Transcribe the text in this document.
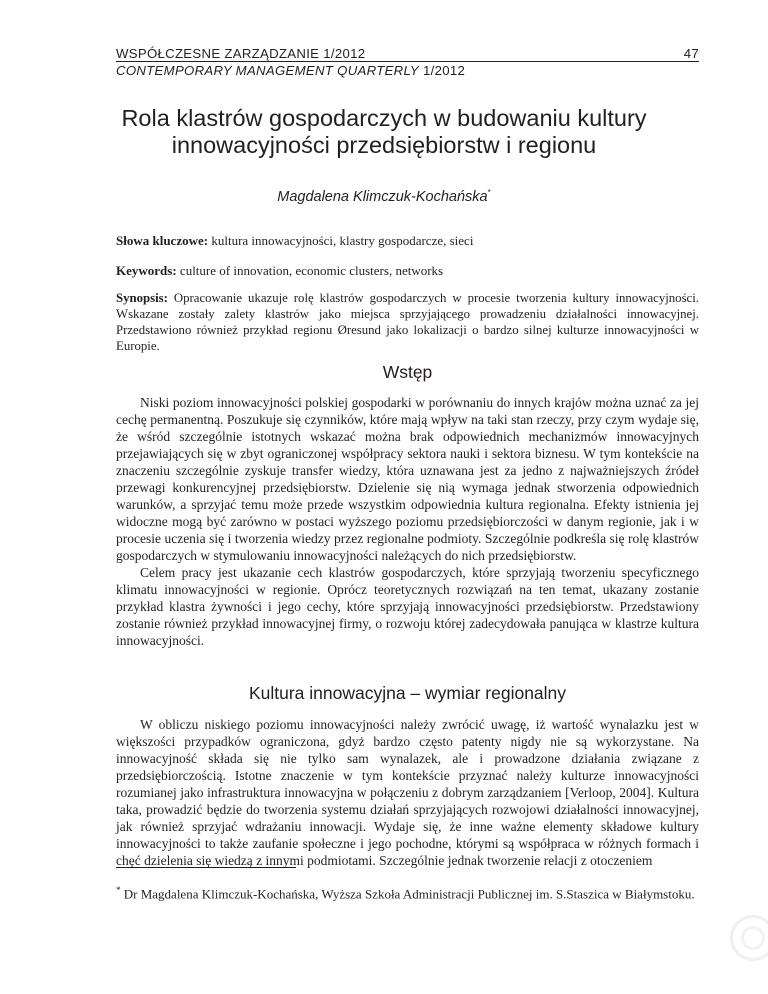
WSPÓŁCZESNE ZARZĄDZANIE 1/2012	47
CONTEMPORARY MANAGEMENT QUARTERLY 1/2012
Rola klastrów gospodarczych w budowaniu kultury
innowacyjności przedsiębiorstw i regionu
Magdalena Klimczuk-Kochańska*
Słowa kluczowe: kultura innowacyjności, klastry gospodarcze, sieci
Keywords: culture of innovation, economic clusters, networks
Synopsis: Opracowanie ukazuje rolę klastrów gospodarczych w procesie tworzenia kultury innowacyjności. Wskazane zostały zalety klastrów jako miejsca sprzyjającego prowadzeniu działalności innowacyjnej. Przedstawiono również przykład regionu Øresund jako lokalizacji o bardzo silnej kulturze innowacyjności w Europie.
Wstęp

Niski poziom innowacyjności polskiej gospodarki w porównaniu do innych krajów można uznać za jej cechę permanentną. Poszukuje się czynników, które mają wpływ na taki stan rzeczy, przy czym wydaje się, że wśród szczególnie istotnych wskazać można brak odpowiednich mechanizmów innowacyjnych przejawiających się w zbyt ograniczonej współpracy sektora nauki i sektora biznesu. W tym kontekście na znaczeniu szczególnie zyskuje transfer wiedzy, która uznawana jest za jedno z najważniejszych źródeł przewagi konkurencyjnej przedsiębiorstw. Dzielenie się nią wymaga jednak stworzenia odpowiednich warunków, a sprzyjać temu może przede wszystkim odpowiednia kultura regionalna. Efekty istnienia jej widoczne mogą być zarówno w postaci wyższego poziomu przedsiębiorczości w danym regionie, jak i w procesie uczenia się i tworzenia wiedzy przez regionalne podmioty. Szczególnie podkreśla się rolę klastrów gospodarczych w stymulowaniu innowacyjności należących do nich przedsiębiorstw.

Celem pracy jest ukazanie cech klastrów gospodarczych, które sprzyjają tworzeniu specyficznego klimatu innowacyjności w regionie. Oprócz teoretycznych rozwiązań na ten temat, ukazany zostanie przykład klastra żywności i jego cechy, które sprzyjają innowacyjności przedsiębiorstw. Przedstawiony zostanie również przykład innowacyjnej firmy, o rozwoju której zadecydowała panująca w klastrze kultura innowacyjności.

Kultura innowacyjna – wymiar regionalny

W obliczu niskiego poziomu innowacyjności należy zwrócić uwagę, iż wartość wynalazku jest w większości przypadków ograniczona, gdyż bardzo często patenty nigdy nie są wykorzystane. Na innowacyjność składa się nie tylko sam wynalazek, ale i prowadzone działania związane z przedsiębiorczością. Istotne znaczenie w tym kontekście przyznać należy kulturze innowacyjności rozumianej jako infrastruktura innowacyjna w połączeniu z dobrym zarządzaniem [Verloop, 2004]. Kultura taka, prowadzić będzie do tworzenia systemu działań sprzyjających rozwojowi działalności innowacyjnej, jak również sprzyjać wdrażaniu innowacji. Wydaje się, że inne ważne elementy składowe kultury innowacyjności to także zaufanie społeczne i jego pochodne, którymi są współpraca w różnych formach i chęć dzielenia się wiedzą z innymi podmiotami. Szczególnie jednak tworzenie relacji z otoczeniem

* Dr Magdalena Klimczuk-Kochańska, Wyższa Szkoła Administracji Publicznej im. S.Staszica w Białymstoku.
